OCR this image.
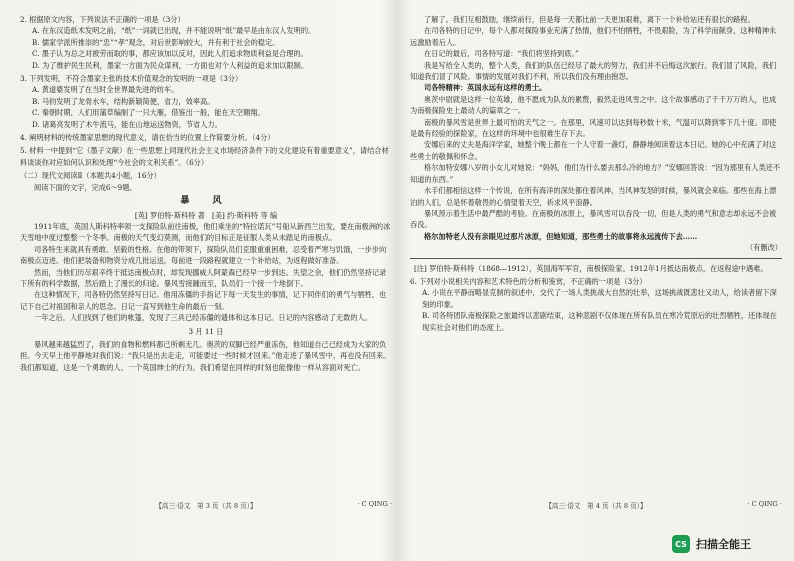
2. 根据原文内容，下列说法不正确的一项是（3分）

A. 在东汉造纸术发明之前，“纸”一词就已出现，并不能说明“纸”最早是由东汉人发明的。

B. 儒家学派所推崇的“忠”“孝”观念，对后世影响较大，并有利于社会的稳定。

C. 墨子认为总之对被劳而取的事，都应该加以反对，因此人们追求物质利益是合理的。

D. 为了维护民生民利，墨家一方面为民众谋利，一方面也对个人利益的追求加以限制。

3. 下列发明，不符合墨家主张的技术价值观念的发明的一项是（3分）

A. 黄道婆发明了在当时全世界最先进的纺车。

B. 马钧发明了龙骨水车，结构新颖简便，省力，效率高。

C. 秦朝时期，人们用蒲草编制了一只大雁，借鉴出一般，能在天空翱翔。

D. 诸葛亮发明了木牛流马，能在山地运送物资，节省人力。

4. 阐明材料的传统墨家思想的现代意义，请在恰当的位置上作简要分析。（4分）

5. 材料一中提到“它（墨子文献）在一些思想上同现代社会主义市场经济条件下的文化建设有着重要意义”，请结合材料谈谈你对应如何认识和处理“今社会的文利关系”。（6分）

（二）现代文阅读Ⅱ（本题共4小题，16分）

阅读下面的文字，完成6～9题。

暴 风

[英] 罗伯特·斯科特 著　[美] 约·斯科特 等 编

1911年底，英国人斯科特率领一支探险队前往南极，他们乘坐的“特拉诺瓦”号船从新西兰出发，要在南极洲的冰天雪地中度过整整一个冬季。南极的天气变幻莫测，而他们的目标正是征服人类从未踏足的南极点。

司各特生来就具有勇敢、坚毅的性格。在他的带领下，探险队员们克服重重困难，忍受着严寒与饥饿，一步步向南极点迈进。他们把装备和物资分成几批运送，每前进一段路程就建立一个补给站，为返程做好准备。

然而，当他们历尽艰辛终于抵达南极点时，却发现挪威人阿蒙森已经早一步到达。失望之余，他们仍然坚持记录下所有的科学数据，然后踏上了漫长的归途。暴风雪接踵而至，队员们一个接一个地倒下。

在这种情况下，司各特仍然坚持写日记。他用冻僵的手指记下每一天发生的事情，记下同伴们的勇气与牺牲，也记下自己对祖国和亲人的思念。日记一直写到他生命的最后一刻。

一年之后，人们找到了他们的帐篷，发现了三具已经冻僵的遗体和这本日记。日记的内容感动了无数的人。

3 月 11 日

暴风越来越猛烈了，我们的食物和燃料都已所剩无几。奥茨的双脚已经严重冻伤，他知道自己已经成为大家的负担。今天早上他平静地对我们说：“我只是出去走走，可能要过一些时候才回来。”他走进了暴风雪中，再也没有回来。我们都知道，这是一个勇敢的人、一个英国绅士的行为。我们希望在同样的时刻也能像他一样从容面对死亡。

【高三·语文　第 3 页（共 8 页）】	· C QING ·

了解了。我们互相鼓励，继续前行，但是每一天都比前一天更加艰难，离下一个补给站还有很长的路程。

在司各特的日记中，每个人都对探险事业充满了热情，他们不怕牺牲，不畏艰险，为了科学而献身，这种精神永远激励着后人。

在日记的最后，司各特写道：“我们将坚持到底。”

我是写给全人类的，整个人类，我们的队伍已经尽了最大的努力，我们并不后悔这次旅行。我们冒了风险，我们知道我们冒了风险。事情的发展对我们不利，所以我们没有理由抱怨。

司各特精神：英国永远有这样的勇士。

奥茨中尉就是这样一位英雄，他不愿成为队友的累赘，毅然走进风雪之中。这个故事感动了千千万万的人，也成为南极探险史上最动人的篇章之一。

南极的暴风雪是世界上最可怕的天气之一。在那里，风速可以达到每秒数十米，气温可以降到零下几十度。即使是最有经验的探险家，在这样的环境中也很难生存下去。

安娜后来的丈夫是海洋学家，她整个晚上都在一个人守着一盏灯，静静地阅读着这本日记。她的心中充满了对这些勇士的敬佩和怀念。

格尔加特安娜八岁的小女儿对她说：“妈妈，他们为什么要去那么冷的地方？”安娜回答说：“因为那里有人类还不知道的东西。”

水手们都相信这样一个传说，在所有海洋的深处都住着风神。当风神发怒的时候，暴风就会来临。那些在海上漂泊的人们，总是怀着敬畏的心情望着天空，祈求风平浪静。

暴风预示着生活中最严酷的考验。在南极的冰原上，暴风雪可以吞没一切，但是人类的勇气和意志却永远不会被吞没。

格尔加特老人没有亲眼见过那片冰原，但她知道，那些勇士的故事将永远流传下去……

（有删改）

[注] 罗伯特·斯科特（1868—1912），英国海军军官，南极探险家。1912年1月抵达南极点，在返程途中遇难。

6. 下列对小说相关内容和艺术特色的分析和鉴赏，不正确的一项是（3分）

A. 小说在平静而略显克制的叙述中，交代了一场人类挑战大自然的壮举，这场挑战既悲壮又动人，给读者留下深刻的印象。

B. 司各特团队南极探险之旅最终以悲剧结束，这种悲剧不仅体现在所有队员在寒冷荒原后的壮烈牺牲，还体现在现实社会对他们的态度上。

【高三·语文　第 4 页（共 8 页）】	· C QING ·
CS 扫描全能王
